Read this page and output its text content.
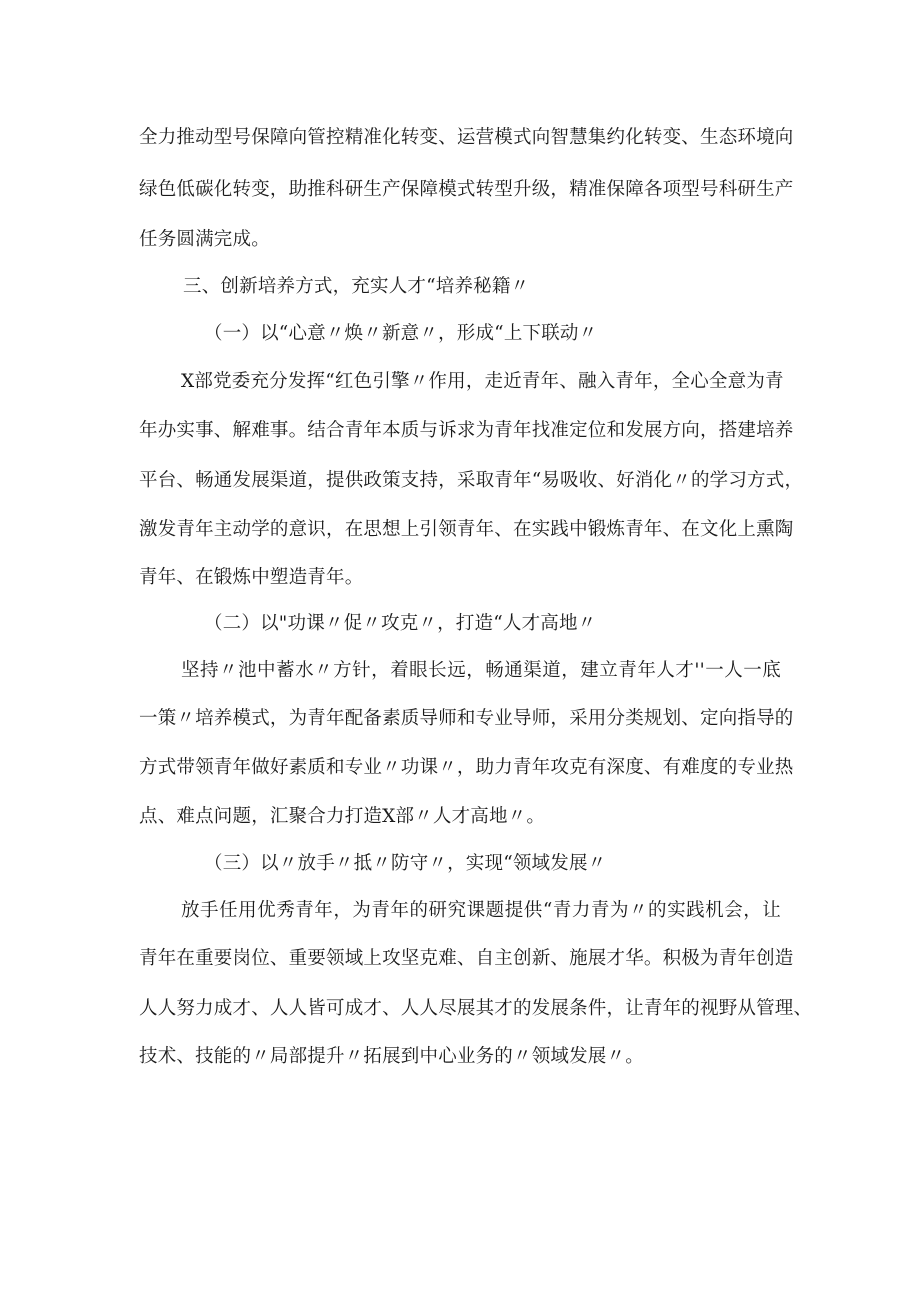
全力推动型号保障向管控精准化转变、运营模式向智慧集约化转变、生态环境向

绿色低碳化转变，助推科研生产保障模式转型升级，精准保障各项型号科研生产

任务圆满完成。

三、创新培养方式，充实人才“培养秘籍〃

（一）以“心意〃焕〃新意〃，形成“上下联动〃

X部党委充分发挥“红色引擎〃作用，走近青年、融入青年，全心全意为青

年办实事、解难事。结合青年本质与诉求为青年找准定位和发展方向，搭建培养

平台、畅通发展渠道，提供政策支持，采取青年“易吸收、好消化〃的学习方式，

激发青年主动学的意识，在思想上引领青年、在实践中锻炼青年、在文化上熏陶

青年、在锻炼中塑造青年。

（二）以"功课〃促〃攻克〃，打造“人才高地〃

坚持〃池中蓄水〃方针，着眼长远，畅通渠道，建立青年人才''一人一底

一策〃培养模式，为青年配备素质导师和专业导师，采用分类规划、定向指导的

方式带领青年做好素质和专业〃功课〃，助力青年攻克有深度、有难度的专业热

点、难点问题，汇聚合力打造X部〃人才高地〃。

（三）以〃放手〃抵〃防守〃，实现“领域发展〃

放手任用优秀青年，为青年的研究课题提供“青力青为〃的实践机会，让

青年在重要岗位、重要领域上攻坚克难、自主创新、施展才华。积极为青年创造

人人努力成才、人人皆可成才、人人尽展其才的发展条件，让青年的视野从管理、

技术、技能的〃局部提升〃拓展到中心业务的〃领域发展〃。
